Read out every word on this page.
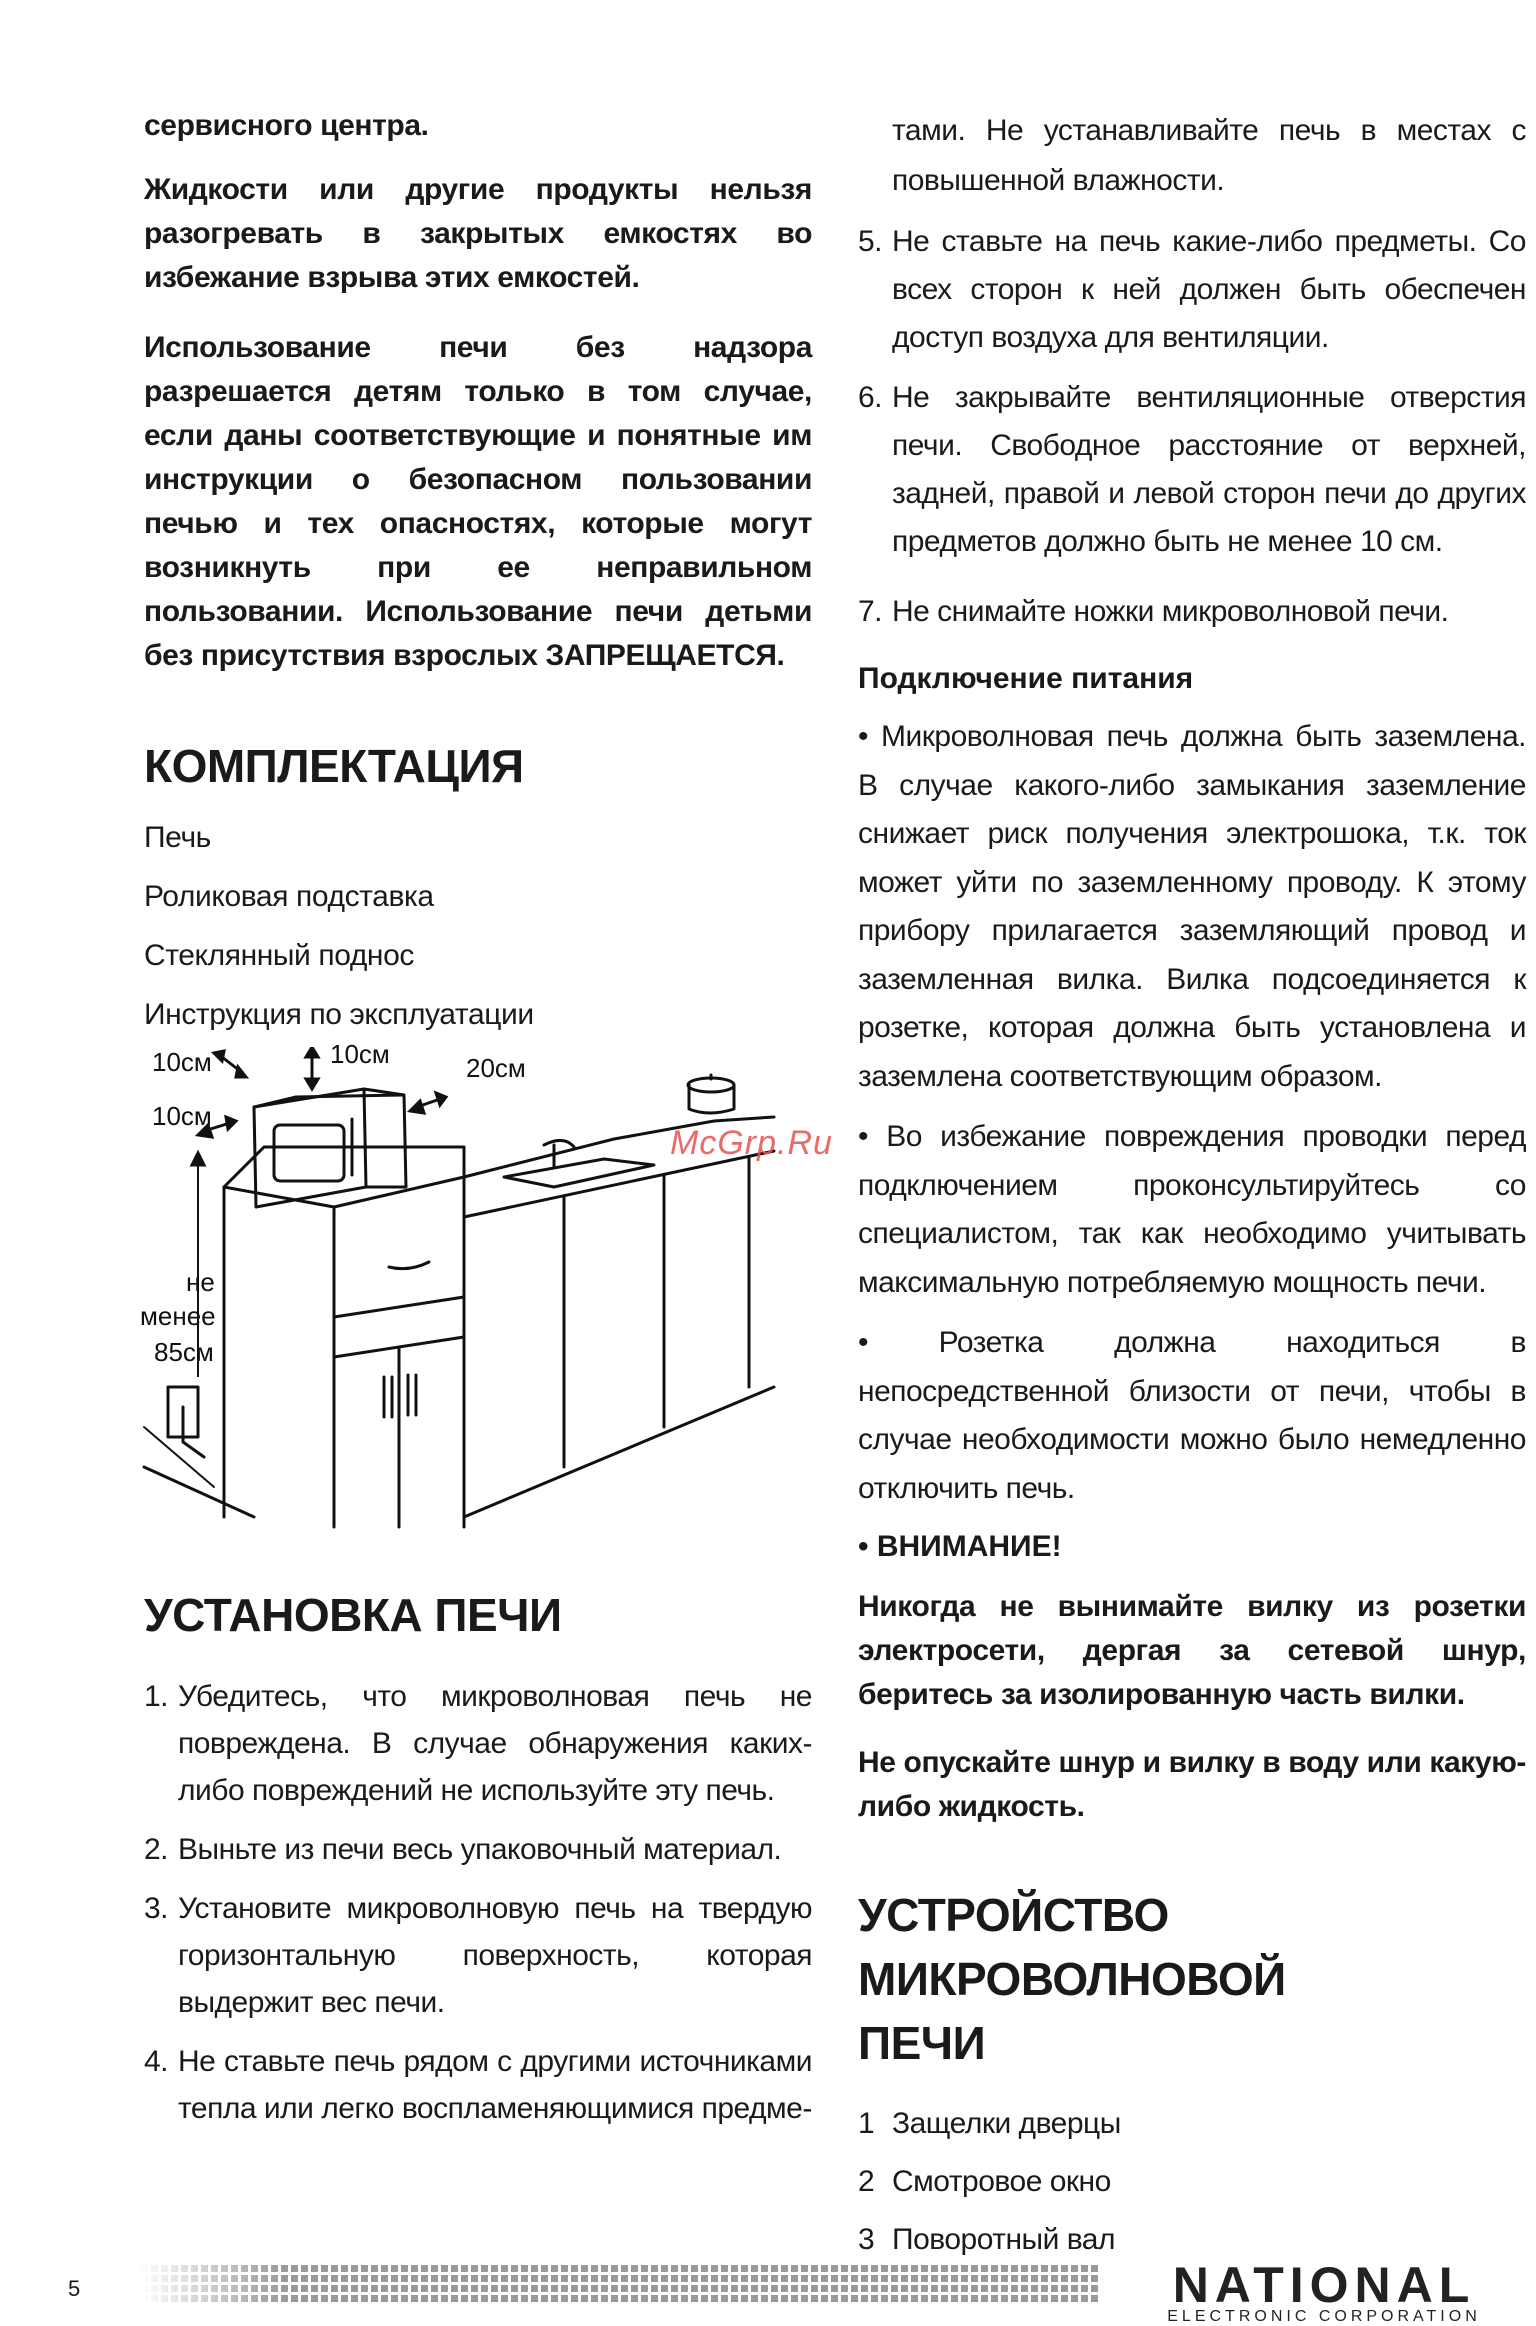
сервисного центра.

Жидкости или другие продукты нельзя разогревать в закрытых емкостях во избежание взрыва этих емкостей.

Использование печи без надзора разрешается детям только в том случае, если даны соответствующие и понятные им инструкции о безопасном пользовании печью и тех опасностях, которые могут возникнуть при ее неправильном пользовании. Использование печи детьми без присутствия взрослых ЗАПРЕЩАЕТСЯ.

КОМПЛЕКТАЦИЯ

Печь

Роликовая подставка

Стеклянный поднос

Инструкция по эксплуатации

10см	10см	20см
10см
не
менее
85см
УСТАНОВКА ПЕЧИ
1. Убедитесь, что микроволновая печь не повреждена. В случае обнаружения каких-либо повреждений не используйте эту печь.
2. Выньте из печи весь упаковочный материал.
3. Установите микроволновую печь на твердую горизонтальную поверхность, которая выдержит вес печи.
4. Не ставьте печь рядом с другими источниками тепла или легко воспламеняющимися предме-
тами. Не устанавливайте печь в местах с повышенной влажности.
5. Не ставьте на печь какие-либо предметы. Со всех сторон к ней должен быть обеспечен доступ воздуха для вентиляции.
6. Не закрывайте вентиляционные отверстия печи. Свободное расстояние от верхней, задней, правой и левой сторон печи до других предметов должно быть не менее 10 см.
7. Не снимайте ножки микроволновой печи.

Подключение питания

• Микроволновая печь должна быть заземлена. В случае какого-либо замыкания заземление снижает риск получения электрошока, т.к. ток может уйти по заземленному проводу. К этому прибору прилагается заземляющий провод и заземленная вилка. Вилка подсоединяется к розетке, которая должна быть установлена и заземлена соответствующим образом.

• Во избежание повреждения проводки перед подключением проконсультируйтесь со специалистом, так как необходимо учитывать максимальную потребляемую мощность печи.

• Розетка должна находиться в непосредственной близости от печи, чтобы в случае необходимости можно было немедленно отключить печь.

• ВНИМАНИЕ!

Никогда не вынимайте вилку из розетки электросети, дергая за сетевой шнур, беритесь за изолированную часть вилки.

Не опускайте шнур и вилку в воду или какую-либо жидкость.

УСТРОЙСТВО МИКРОВОЛНОВОЙ
ПЕЧИ
1 Защелки дверцы
2 Смотровое окно
3 Поворотный вал
McGrp.Ru
5	NATIONAL
ELECTRONIC CORPORATION
